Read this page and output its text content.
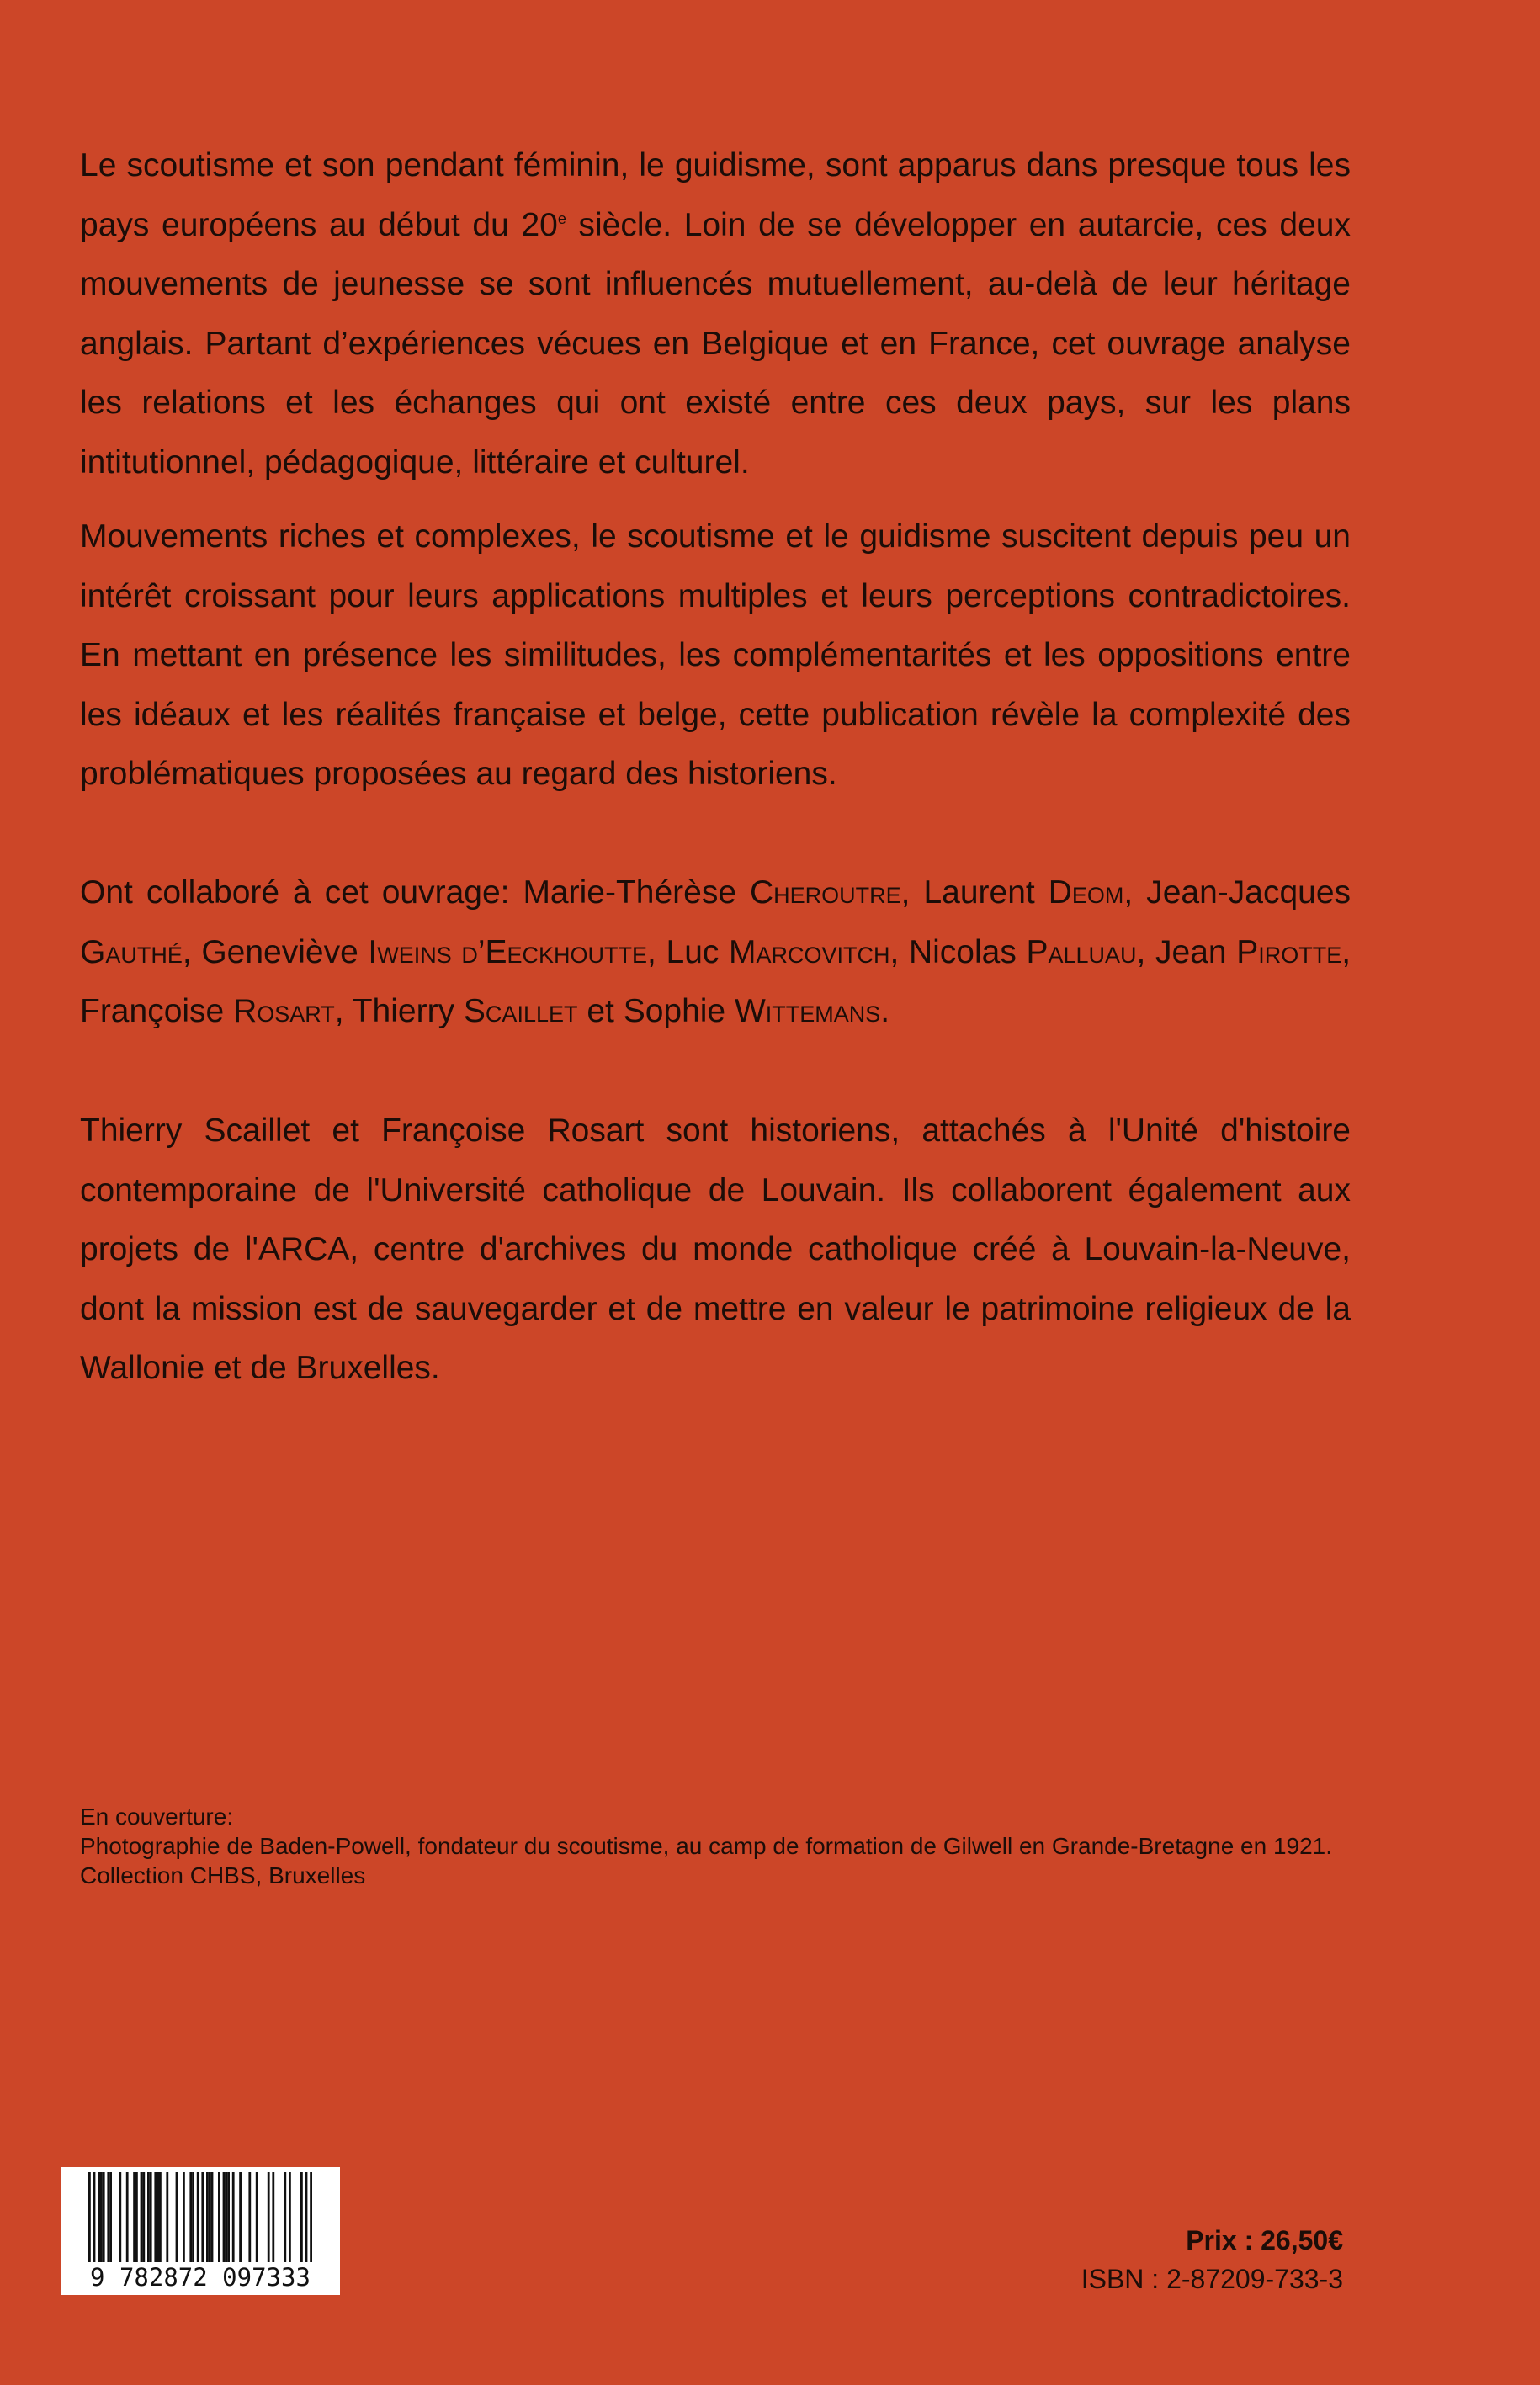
Le scoutisme et son pendant féminin, le guidisme, sont apparus dans presque tous les pays européens au début du 20e siècle. Loin de se développer en autarcie, ces deux mouvements de jeunesse se sont influencés mutuellement, au-delà de leur héritage anglais. Partant d’expériences vécues en Belgique et en France, cet ouvrage analyse les relations et les échanges qui ont existé entre ces deux pays, sur les plans intitutionnel, pédagogique, littéraire et culturel.

Mouvements riches et complexes, le scoutisme et le guidisme suscitent depuis peu un intérêt croissant pour leurs applications multiples et leurs perceptions contradictoires. En mettant en présence les similitudes, les complémentarités et les oppositions entre les idéaux et les réalités française et belge, cette publication révèle la complexité des problématiques proposées au regard des historiens.

Ont collaboré à cet ouvrage: Marie-Thérèse Cheroutre, Laurent Deom, Jean-Jacques Gauthé, Geneviève Iweins d’Eeckhoutte, Luc Marcovitch, Nicolas Palluau, Jean Pirotte, Françoise Rosart, Thierry Scaillet et Sophie Wittemans.

Thierry Scaillet et Françoise Rosart sont historiens, attachés à l'Unité d'histoire contemporaine de l'Université catholique de Louvain. Ils collaborent également aux projets de l'ARCA, centre d'archives du monde catholique créé à Louvain-la-Neuve, dont la mission est de sauvegarder et de mettre en valeur le patrimoine religieux de la Wallonie et de Bruxelles.

En couverture:
Photographie de Baden-Powell, fondateur du scoutisme, au camp de formation de Gilwell en Grande-Bretagne en 1921. Collection CHBS, Bruxelles
9 782872 097333
Prix : 26,50€
ISBN : 2-87209-733-3
